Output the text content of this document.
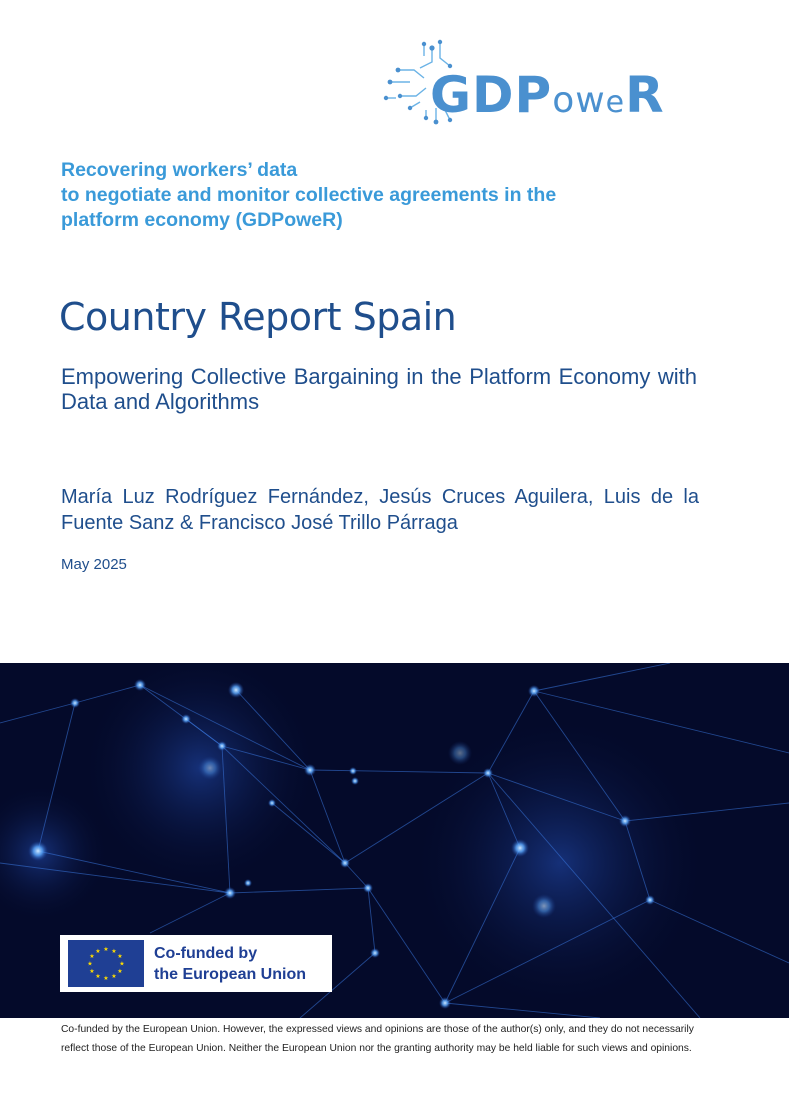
GDPoweR
Recovering workers’ data
to negotiate and monitor collective agreements in the
platform economy (GDPoweR)
Country Report Spain
Empowering Collective Bargaining in the Platform Economy with Data and Algorithms
María Luz Rodríguez Fernández, Jesús Cruces Aguilera, Luis de la Fuente Sanz & Francisco José Trillo Párraga
May 2025
★ ★
★
★
★
★
★
★
★
★
★
★	Co-funded by
the European Union
Co-funded by the European Union. However, the expressed views and opinions are those of the author(s) only, and they do not necessarily reflect those of the European Union. Neither the European Union nor the granting authority may be held liable for such views and opinions.
